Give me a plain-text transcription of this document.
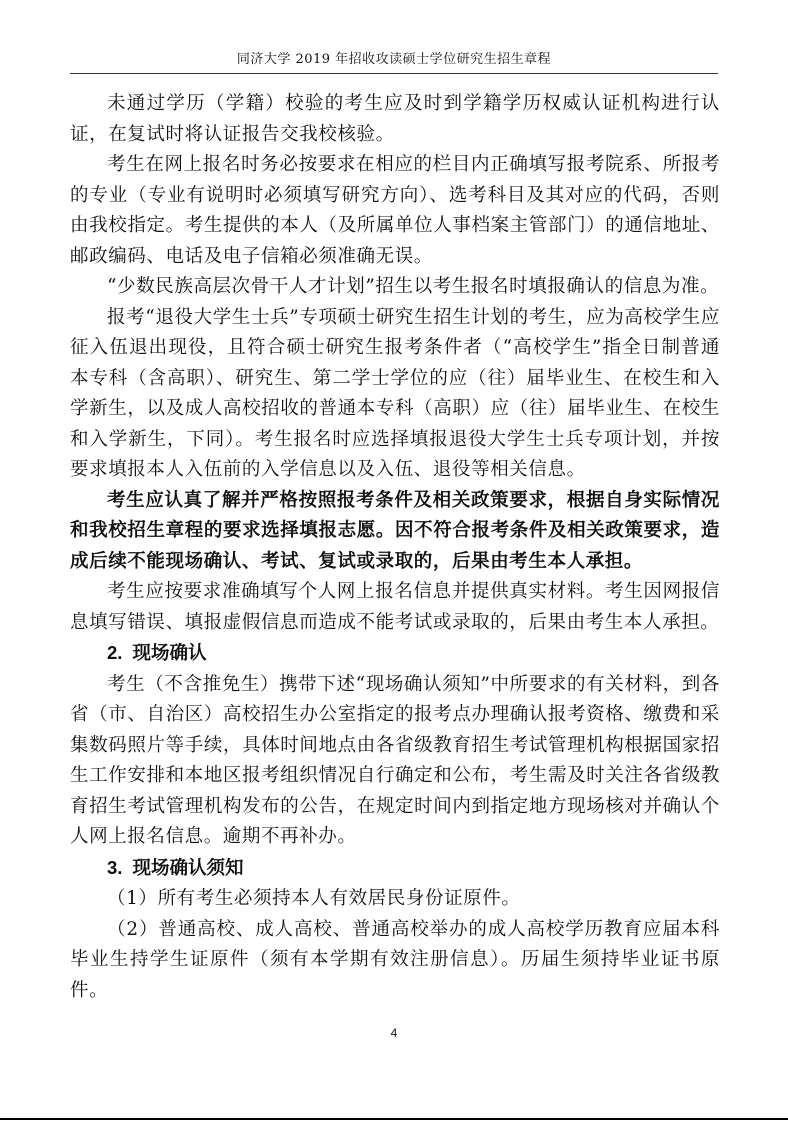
同济大学 2019 年招收攻读硕士学位研究生招生章程

未通过学历（学籍）校验的考生应及时到学籍学历权威认证机构进行认证，在复试时将认证报告交我校核验。

考生在网上报名时务必按要求在相应的栏目内正确填写报考院系、所报考的专业（专业有说明时必须填写研究方向）、选考科目及其对应的代码，否则由我校指定。考生提供的本人（及所属单位人事档案主管部门）的通信地址、邮政编码、电话及电子信箱必须准确无误。

“少数民族高层次骨干人才计划”招生以考生报名时填报确认的信息为准。

报考“退役大学生士兵”专项硕士研究生招生计划的考生，应为高校学生应征入伍退出现役，且符合硕士研究生报考条件者（“高校学生”指全日制普通本专科（含高职）、研究生、第二学士学位的应（往）届毕业生、在校生和入学新生，以及成人高校招收的普通本专科（高职）应（往）届毕业生、在校生和入学新生，下同）。考生报名时应选择填报退役大学生士兵专项计划，并按要求填报本人入伍前的入学信息以及入伍、退役等相关信息。

考生应认真了解并严格按照报考条件及相关政策要求，根据自身实际情况和我校招生章程的要求选择填报志愿。因不符合报考条件及相关政策要求，造成后续不能现场确认、考试、复试或录取的，后果由考生本人承担。

考生应按要求准确填写个人网上报名信息并提供真实材料。考生因网报信息填写错误、填报虚假信息而造成不能考试或录取的，后果由考生本人承担。

2. 现场确认

考生（不含推免生）携带下述“现场确认须知”中所要求的有关材料，到各省（市、自治区）高校招生办公室指定的报考点办理确认报考资格、缴费和采集数码照片等手续，具体时间地点由各省级教育招生考试管理机构根据国家招生工作安排和本地区报考组织情况自行确定和公布，考生需及时关注各省级教育招生考试管理机构发布的公告，在规定时间内到指定地方现场核对并确认个人网上报名信息。逾期不再补办。

3. 现场确认须知

（1）所有考生必须持本人有效居民身份证原件。

（2）普通高校、成人高校、普通高校举办的成人高校学历教育应届本科毕业生持学生证原件（须有本学期有效注册信息）。历届生须持毕业证书原件。

4
